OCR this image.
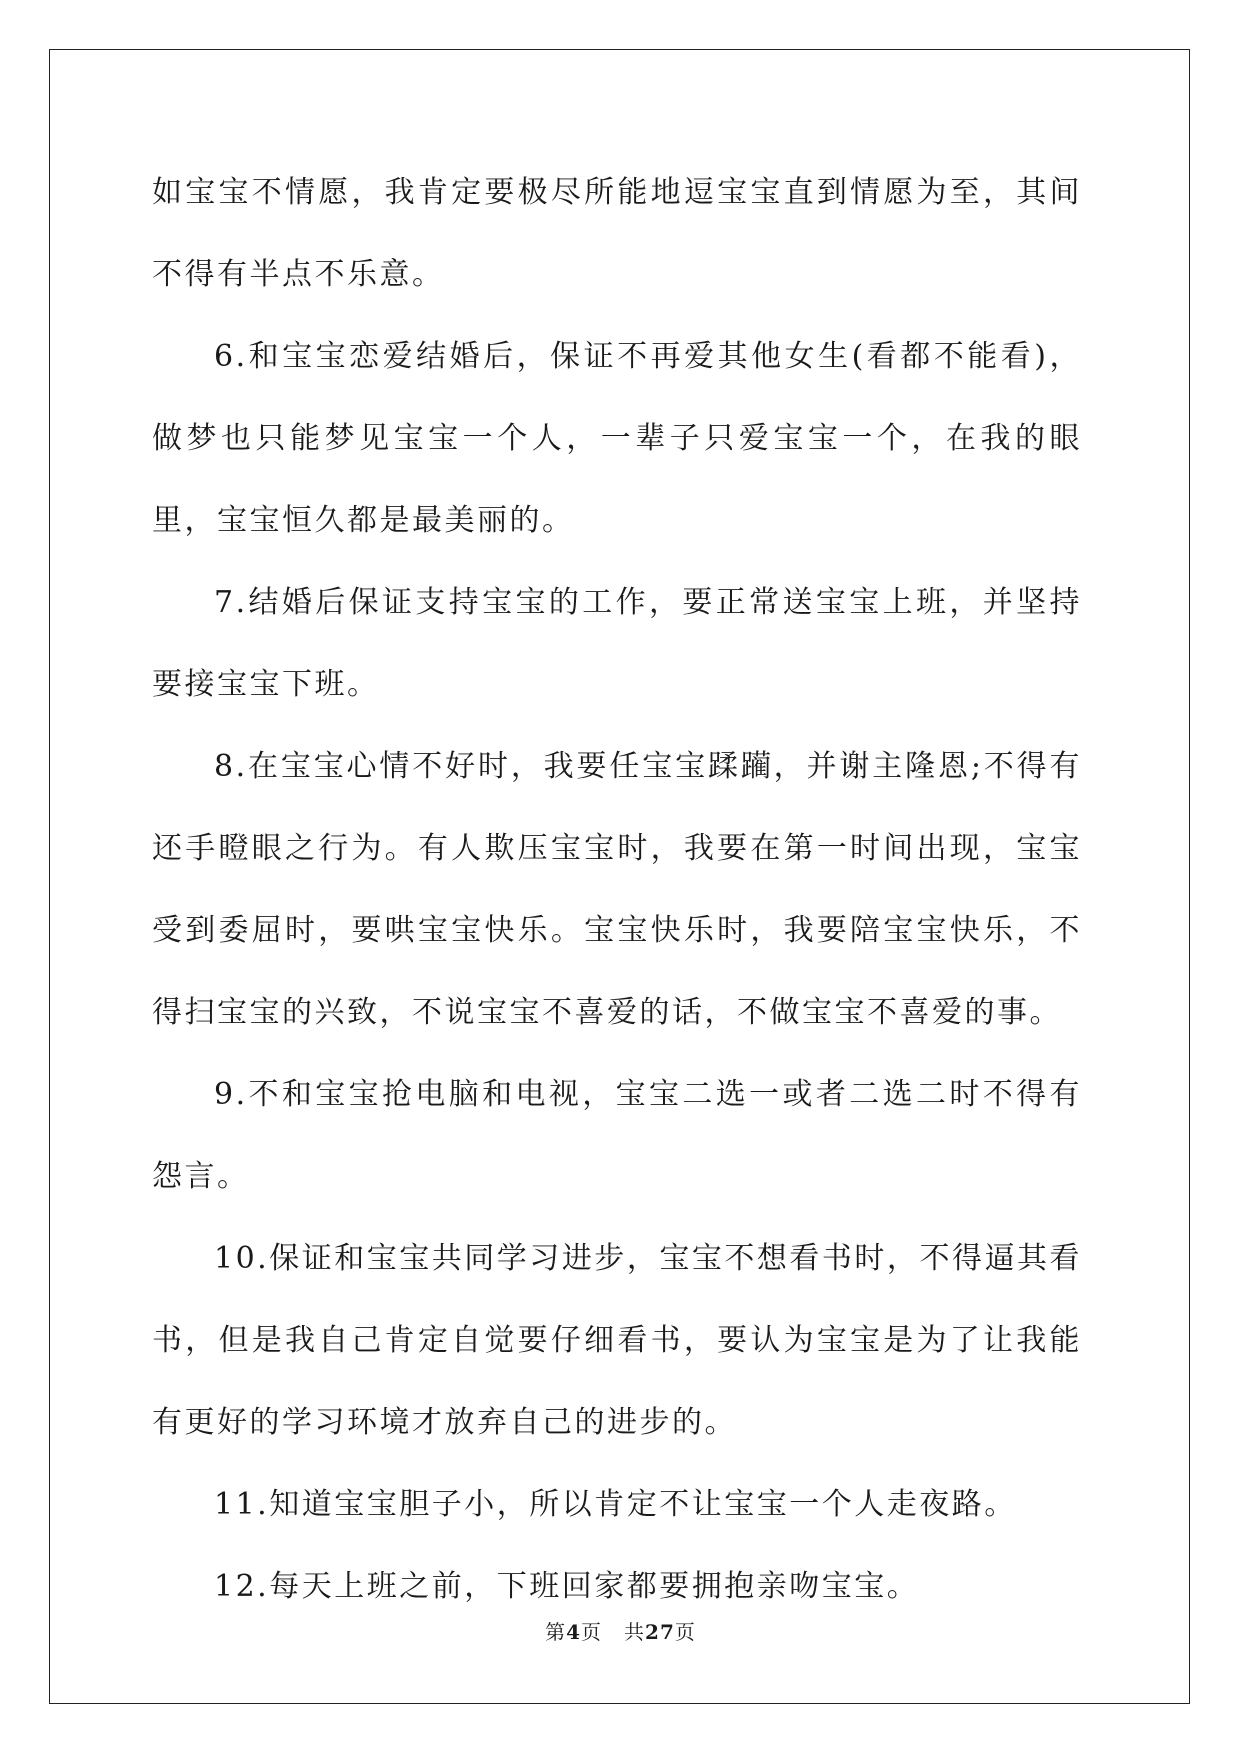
如宝宝不情愿，我肯定要极尽所能地逗宝宝直到情愿为至，其间不得有半点不乐意。

6.和宝宝恋爱结婚后，保证不再爱其他女生(看都不能看)，做梦也只能梦见宝宝一个人，一辈子只爱宝宝一个，在我的眼里，宝宝恒久都是最美丽的。

7.结婚后保证支持宝宝的工作，要正常送宝宝上班，并坚持要接宝宝下班。

8.在宝宝心情不好时，我要任宝宝蹂躏，并谢主隆恩;不得有还手瞪眼之行为。有人欺压宝宝时，我要在第一时间出现，宝宝受到委屈时，要哄宝宝快乐。宝宝快乐时，我要陪宝宝快乐，不得扫宝宝的兴致，不说宝宝不喜爱的话，不做宝宝不喜爱的事。

9.不和宝宝抢电脑和电视，宝宝二选一或者二选二时不得有怨言。

10.保证和宝宝共同学习进步，宝宝不想看书时，不得逼其看书，但是我自己肯定自觉要仔细看书，要认为宝宝是为了让我能有更好的学习环境才放弃自己的进步的。

11.知道宝宝胆子小，所以肯定不让宝宝一个人走夜路。

12.每天上班之前，下班回家都要拥抱亲吻宝宝。

第4页 共27页
